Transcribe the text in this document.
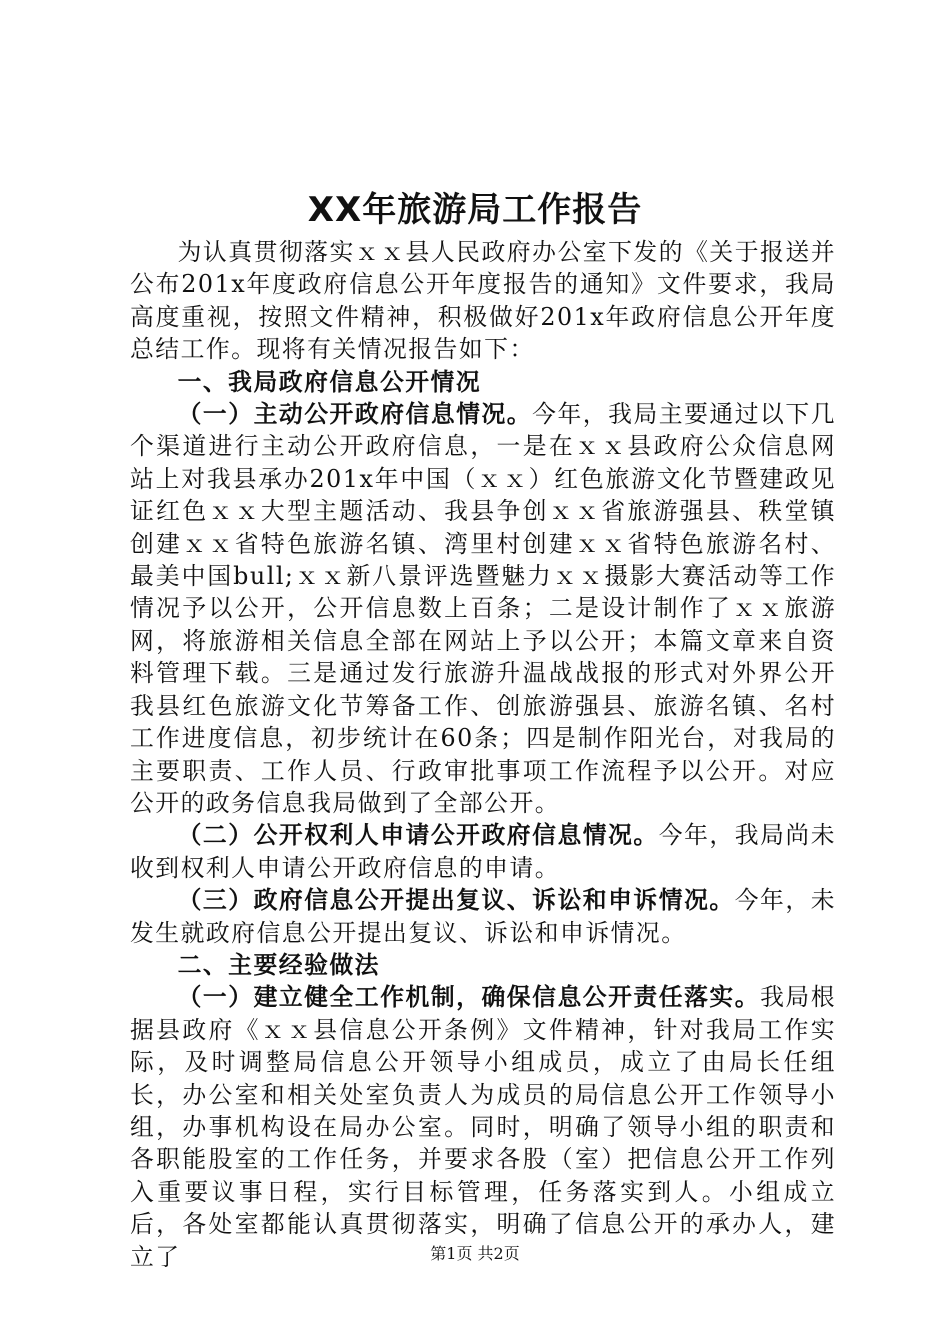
XX年旅游局工作报告

为认真贯彻落实ｘｘ县人民政府办公室下发的《关于报送并公布201x年度政府信息公开年度报告的通知》文件要求，我局高度重视，按照文件精神，积极做好201x年政府信息公开年度总结工作。现将有关情况报告如下：

一、我局政府信息公开情况

（一）主动公开政府信息情况。今年，我局主要通过以下几个渠道进行主动公开政府信息，一是在ｘｘ县政府公众信息网站上对我县承办201x年中国（ｘｘ）红色旅游文化节暨建政见证红色ｘｘ大型主题活动、我县争创ｘｘ省旅游强县、秩堂镇创建ｘｘ省特色旅游名镇、湾里村创建ｘｘ省特色旅游名村、最美中国bull;ｘｘ新八景评选暨魅力ｘｘ摄影大赛活动等工作情况予以公开，公开信息数上百条；二是设计制作了ｘｘ旅游网，将旅游相关信息全部在网站上予以公开；本篇文章来自资料管理下载。三是通过发行旅游升温战战报的形式对外界公开我县红色旅游文化节筹备工作、创旅游强县、旅游名镇、名村工作进度信息，初步统计在60条；四是制作阳光台，对我局的主要职责、工作人员、行政审批事项工作流程予以公开。对应公开的政务信息我局做到了全部公开。

（二）公开权利人申请公开政府信息情况。今年，我局尚未收到权利人申请公开政府信息的申请。

（三）政府信息公开提出复议、诉讼和申诉情况。今年，未发生就政府信息公开提出复议、诉讼和申诉情况。

二、主要经验做法

（一）建立健全工作机制，确保信息公开责任落实。我局根据县政府《ｘｘ县信息公开条例》文件精神，针对我局工作实际，及时调整局信息公开领导小组成员，成立了由局长任组长，办公室和相关处室负责人为成员的局信息公开工作领导小组，办事机构设在局办公室。同时，明确了领导小组的职责和各职能股室的工作任务，并要求各股（室）把信息公开工作列入重要议事日程，实行目标管理，任务落实到人。小组成立后，各处室都能认真贯彻落实，明确了信息公开的承办人，建立了	第1页 共2页
